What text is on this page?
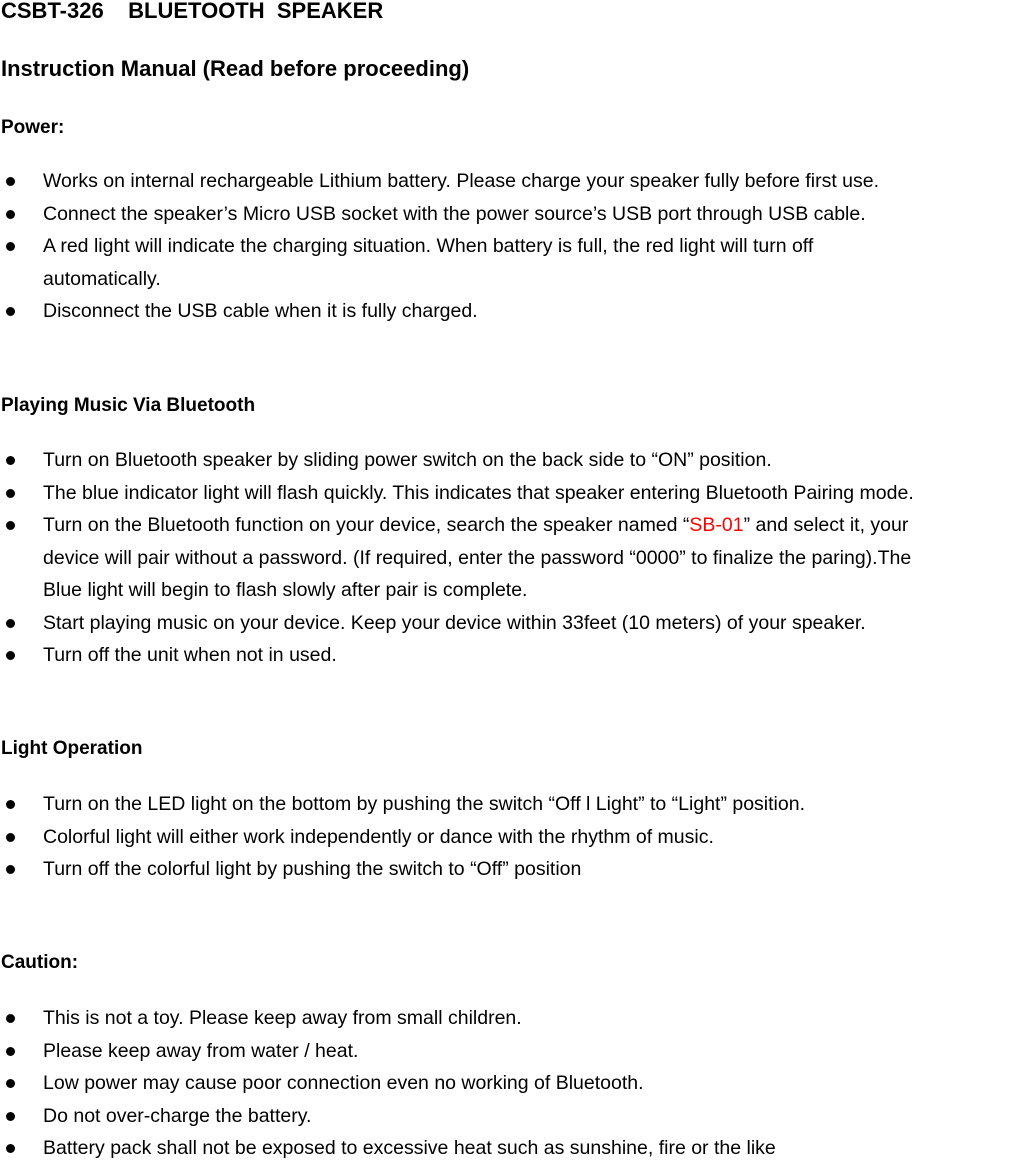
CSBT-326    BLUETOOTH  SPEAKER
Instruction Manual (Read before proceeding)
Power:
Works on internal rechargeable Lithium battery. Please charge your speaker fully before first use.
Connect the speaker’s Micro USB socket with the power source’s USB port through USB cable.
A red light will indicate the charging situation. When battery is full, the red light will turn off
automatically.
Disconnect the USB cable when it is fully charged.
Playing Music Via Bluetooth
Turn on Bluetooth speaker by sliding power switch on the back side to “ON” position.
The blue indicator light will flash quickly. This indicates that speaker entering Bluetooth Pairing mode.
Turn on the Bluetooth function on your device, search the speaker named “SB-01” and select it, your
device will pair without a password. (If required, enter the password “0000” to finalize the paring).The
Blue light will begin to flash slowly after pair is complete.
Start playing music on your device. Keep your device within 33feet (10 meters) of your speaker.
Turn off the unit when not in used.
Light Operation
Turn on the LED light on the bottom by pushing the switch “Off l Light” to “Light” position.
Colorful light will either work independently or dance with the rhythm of music.
Turn off the colorful light by pushing the switch to “Off” position
Caution:
This is not a toy. Please keep away from small children.
Please keep away from water / heat.
Low power may cause poor connection even no working of Bluetooth.
Do not over-charge the battery.
Battery pack shall not be exposed to excessive heat such as sunshine, fire or the like
